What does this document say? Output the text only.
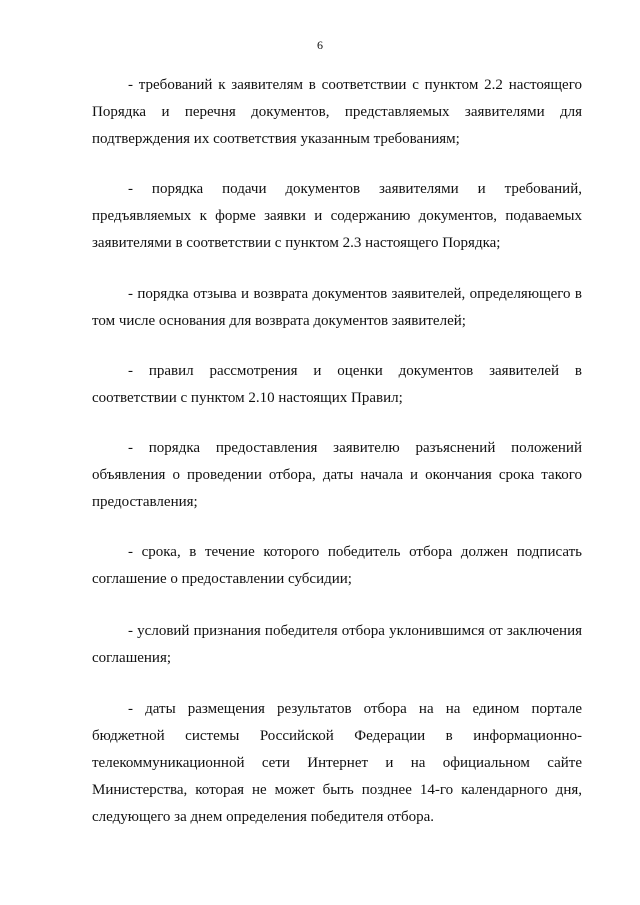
6

- требований к заявителям в соответствии с пунктом 2.2 настоящего Порядка и перечня документов, представляемых заявителями для подтверждения их соответствия указанным требованиям;

- порядка подачи документов заявителями и требований, предъявляемых к форме заявки и содержанию документов, подаваемых заявителями в соответствии с пунктом 2.3 настоящего Порядка;

- порядка отзыва и возврата документов заявителей, определяющего в том числе основания для возврата документов заявителей;

- правил рассмотрения и оценки документов заявителей в соответствии с пунктом 2.10 настоящих Правил;

- порядка предоставления заявителю разъяснений положений объявления о проведении отбора, даты начала и окончания срока такого предоставления;

- срока, в течение которого победитель отбора должен подписать соглашение о предоставлении субсидии;

- условий признания победителя отбора уклонившимся от заключения соглашения;

- даты размещения результатов отбора на на едином портале бюджетной системы Российской Федерации в информационно-телекоммуникационной сети Интернет и на официальном сайте Министерства, которая не может быть позднее 14-го календарного дня, следующего за днем определения победителя отбора.
